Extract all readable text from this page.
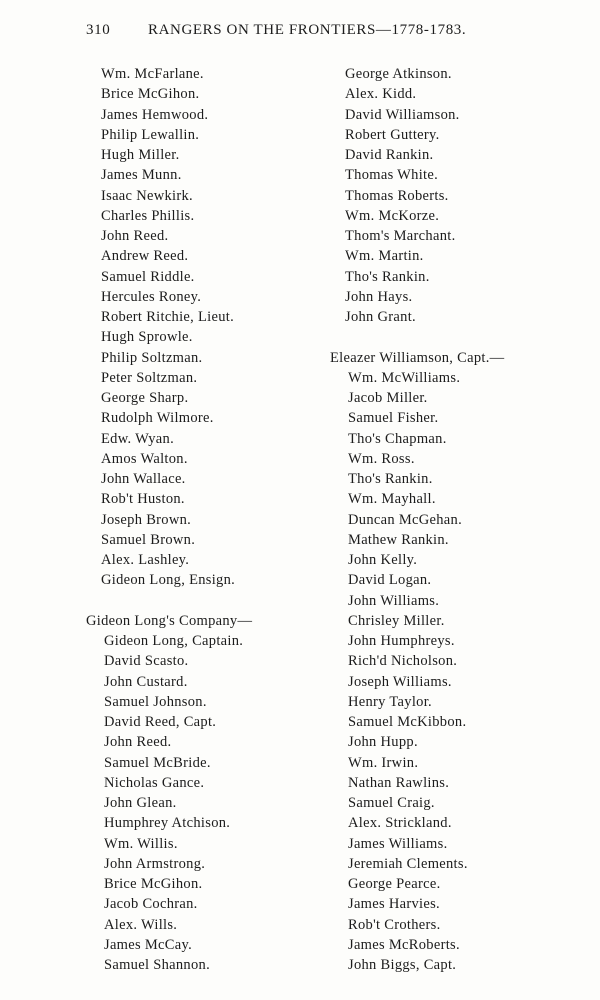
310	RANGERS ON THE FRONTIERS—1778-1783.
Wm. McFarlane.
Brice McGihon.
James Hemwood.
Philip Lewallin.
Hugh Miller.
James Munn.
Isaac Newkirk.
Charles Phillis.
John Reed.
Andrew Reed.
Samuel Riddle.
Hercules Roney.
Robert Ritchie, Lieut.
Hugh Sprowle.
Philip Soltzman.
Peter Soltzman.
George Sharp.
Rudolph Wilmore.
Edw. Wyan.
Amos Walton.
John Wallace.
Rob't Huston.
Joseph Brown.
Samuel Brown.
Alex. Lashley.
Gideon Long, Ensign.
Gideon Long's Company—
Gideon Long, Captain.
David Scasto.
John Custard.
Samuel Johnson.
David Reed, Capt.
John Reed.
Samuel McBride.
Nicholas Gance.
John Glean.
Humphrey Atchison.
Wm. Willis.
John Armstrong.
Brice McGihon.
Jacob Cochran.
Alex. Wills.
James McCay.
Samuel Shannon.
George Atkinson.
Alex. Kidd.
David Williamson.
Robert Guttery.
David Rankin.
Thomas White.
Thomas Roberts.
Wm. McKorze.
Thom's Marchant.
Wm. Martin.
Tho's Rankin.
John Hays.
John Grant.
Eleazer Williamson, Capt.—
Wm. McWilliams.
Jacob Miller.
Samuel Fisher.
Tho's Chapman.
Wm. Ross.
Tho's Rankin.
Wm. Mayhall.
Duncan McGehan.
Mathew Rankin.
John Kelly.
David Logan.
John Williams.
Chrisley Miller.
John Humphreys.
Rich'd Nicholson.
Joseph Williams.
Henry Taylor.
Samuel McKibbon.
John Hupp.
Wm. Irwin.
Nathan Rawlins.
Samuel Craig.
Alex. Strickland.
James Williams.
Jeremiah Clements.
George Pearce.
James Harvies.
Rob't Crothers.
James McRoberts.
John Biggs, Capt.
